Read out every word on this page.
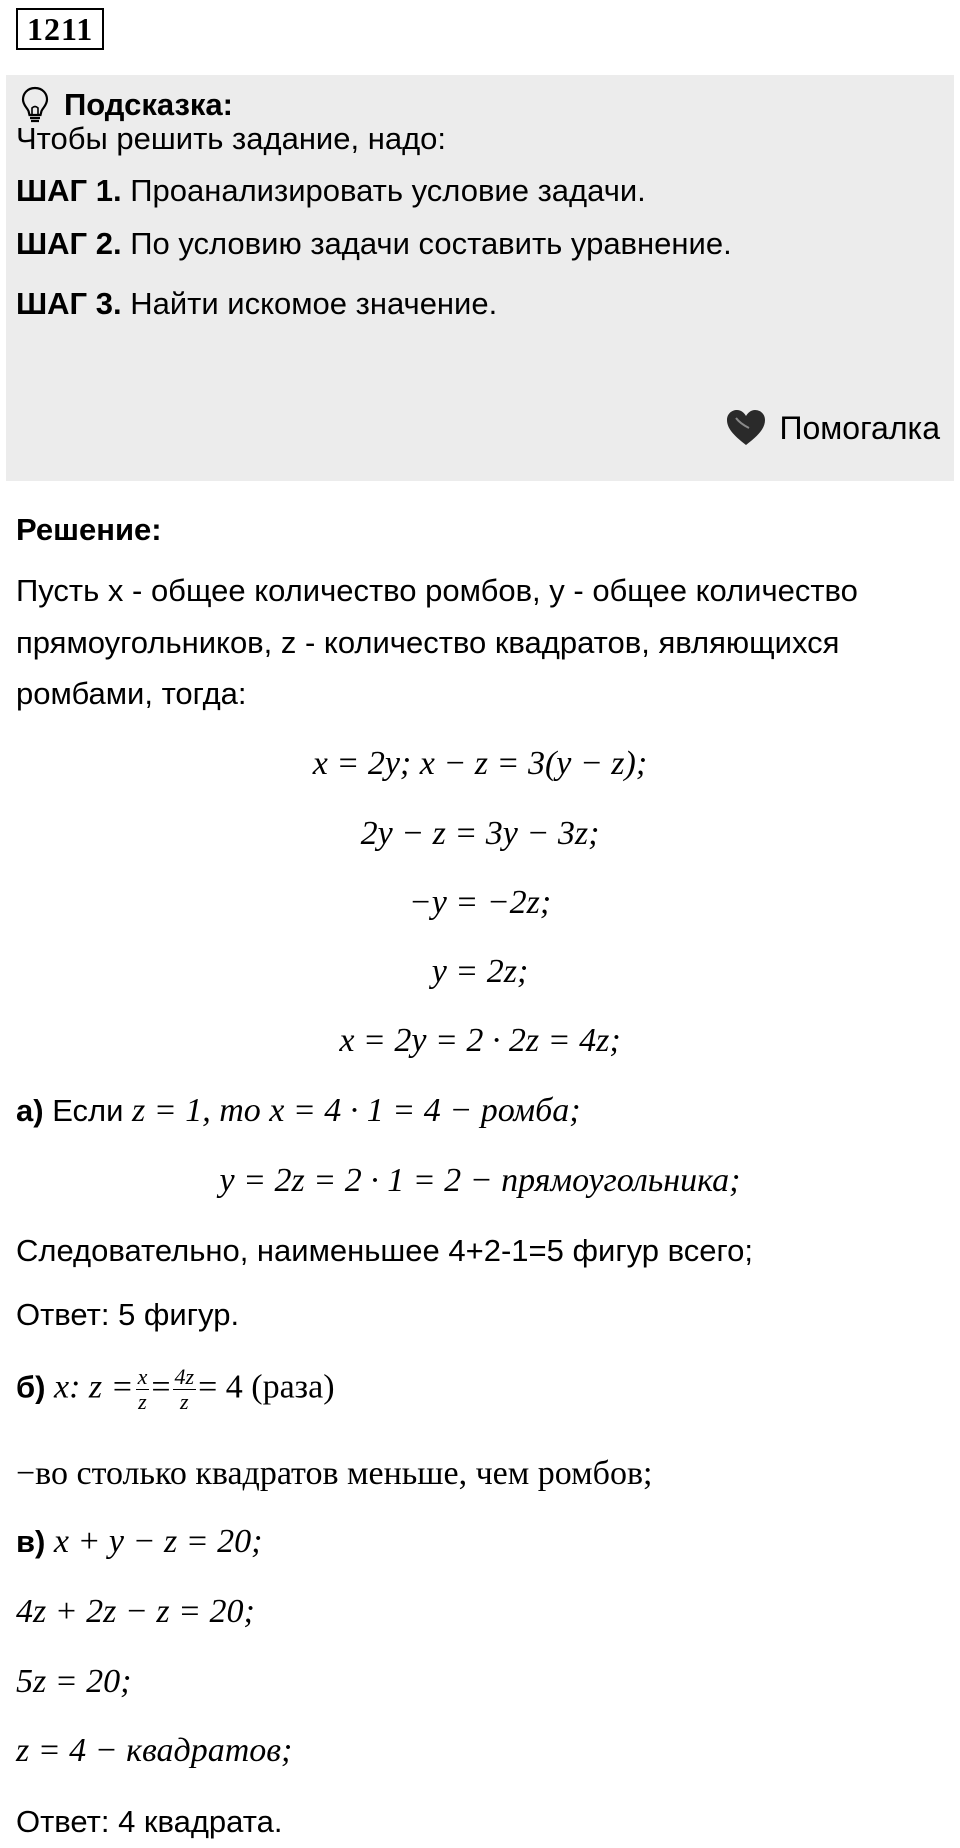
1211
Подсказка:
Чтобы решить задание, надо:
ШАГ 1. Проанализировать условие задачи.
ШАГ 2. По условию задачи составить уравнение.
ШАГ 3. Найти искомое значение.
Помогалка
Решение:
Пусть x - общее количество ромбов, y - общее количество
прямоугольников, z - количество квадратов, являющихся
ромбами, тогда:
x = 2y; x − z = 3(y − z);
2y − z = 3y − 3z;
−y = −2z;
y = 2z;
x = 2y = 2 · 2z = 4z;
а) Если z = 1, то x = 4 · 1 = 4 − ромба;
y = 2z = 2 · 1 = 2 − прямоугольника;
Следовательно, наименьшее 4+2-1=5 фигур всего;
Ответ: 5 фигур.
б) x: $z = \frac{x}{z} = \frac{4z}{z} = 4$ (раза)
−во столько квадратов меньше, чем ромбов;
в) x + y − z = 20;
4z + 2z − z = 20;
5z = 20;
z = 4 − квадратов;
Ответ: 4 квадрата.
